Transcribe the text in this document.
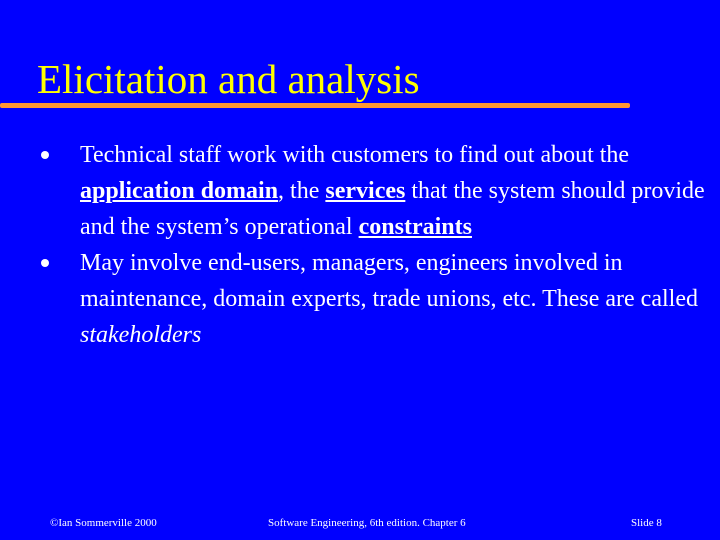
Elicitation and analysis
Technical staff work with customers to find out about the application domain, the services that the system should provide and the system’s operational constraints
May involve end-users, managers, engineers involved in maintenance, domain experts, trade unions, etc. These are called stakeholders
©Ian Sommerville 2000	Software Engineering, 6th edition. Chapter 6	Slide 8
